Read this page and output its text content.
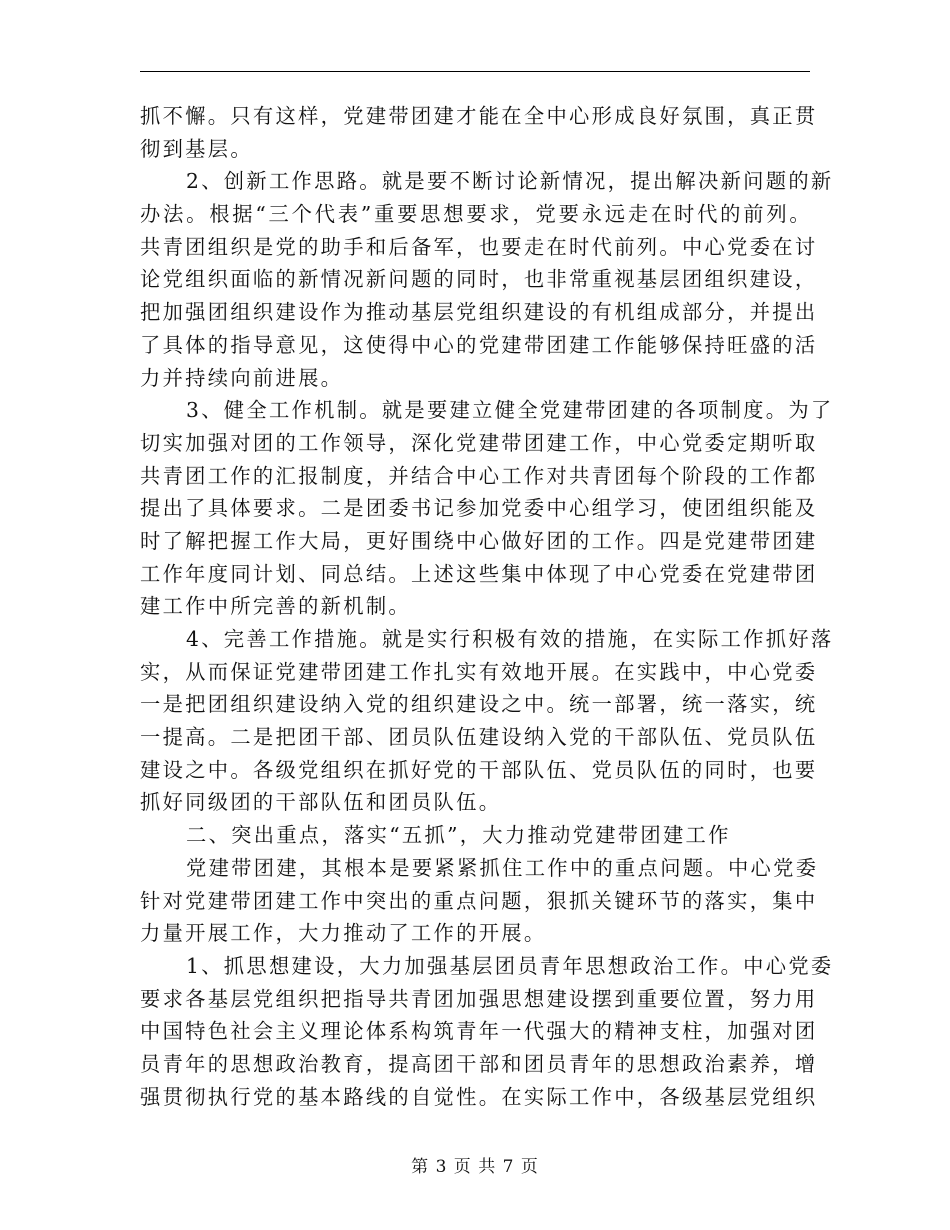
抓不懈。只有这样，党建带团建才能在全中心形成良好氛围，真正贯
彻到基层。
2、创新工作思路。就是要不断讨论新情况，提出解决新问题的新
办法。根据“三个代表”重要思想要求，党要永远走在时代的前列。
共青团组织是党的助手和后备军，也要走在时代前列。中心党委在讨
论党组织面临的新情况新问题的同时，也非常重视基层团组织建设，
把加强团组织建设作为推动基层党组织建设的有机组成部分，并提出
了具体的指导意见，这使得中心的党建带团建工作能够保持旺盛的活
力并持续向前进展。
3、健全工作机制。就是要建立健全党建带团建的各项制度。为了
切实加强对团的工作领导，深化党建带团建工作，中心党委定期听取
共青团工作的汇报制度，并结合中心工作对共青团每个阶段的工作都
提出了具体要求。二是团委书记参加党委中心组学习，使团组织能及
时了解把握工作大局，更好围绕中心做好团的工作。四是党建带团建
工作年度同计划、同总结。上述这些集中体现了中心党委在党建带团
建工作中所完善的新机制。
4、完善工作措施。就是实行积极有效的措施，在实际工作抓好落
实，从而保证党建带团建工作扎实有效地开展。在实践中，中心党委
一是把团组织建设纳入党的组织建设之中。统一部署，统一落实，统
一提高。二是把团干部、团员队伍建设纳入党的干部队伍、党员队伍
建设之中。各级党组织在抓好党的干部队伍、党员队伍的同时，也要
抓好同级团的干部队伍和团员队伍。
二、突出重点，落实“五抓”，大力推动党建带团建工作
党建带团建，其根本是要紧紧抓住工作中的重点问题。中心党委
针对党建带团建工作中突出的重点问题，狠抓关键环节的落实，集中
力量开展工作，大力推动了工作的开展。
1、抓思想建设，大力加强基层团员青年思想政治工作。中心党委
要求各基层党组织把指导共青团加强思想建设摆到重要位置，努力用
中国特色社会主义理论体系构筑青年一代强大的精神支柱，加强对团
员青年的思想政治教育，提高团干部和团员青年的思想政治素养，增
强贯彻执行党的基本路线的自觉性。在实际工作中，各级基层党组织
第 3 页 共 7 页
